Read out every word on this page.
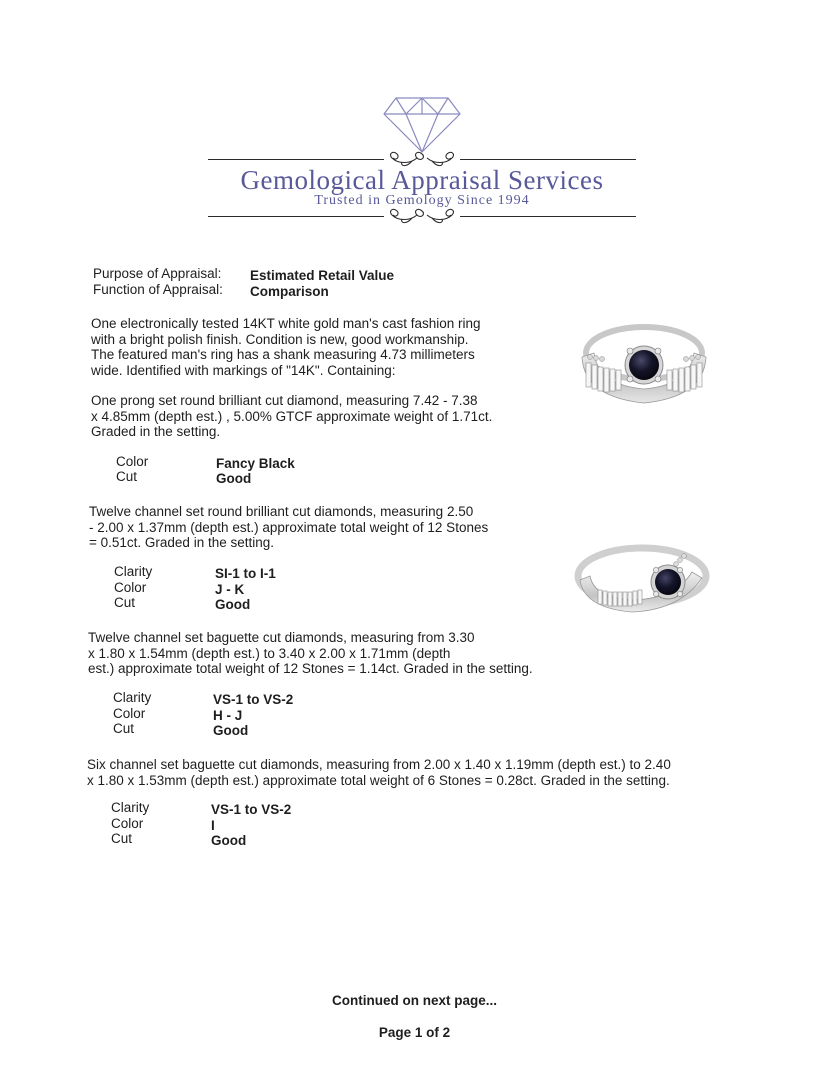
Gemological Appraisal Services
Trusted in Gemology Since 1994
Purpose of Appraisal: Estimated Retail Value
Function of Appraisal: Comparison
One electronically tested 14KT white gold man's cast fashion ring
with a bright polish finish. Condition is new, good workmanship.
The featured man's ring has a shank measuring 4.73 millimeters
wide. Identified with markings of "14K". Containing:
One prong set round brilliant cut diamond, measuring 7.42 - 7.38
x 4.85mm (depth est.) , 5.00% GTCF approximate weight of 1.71ct.
Graded in the setting.
Color	Fancy Black
Cut	Good
Twelve channel set round brilliant cut diamonds, measuring 2.50
- 2.00 x 1.37mm (depth est.) approximate total weight of 12 Stones
= 0.51ct. Graded in the setting.
Clarity	SI-1 to I-1
Color	J - K
Cut	Good
Twelve channel set baguette cut diamonds, measuring from 3.30
x 1.80 x 1.54mm (depth est.) to 3.40 x 2.00 x 1.71mm (depth
est.) approximate total weight of 12 Stones = 1.14ct. Graded in the setting.
Clarity	VS-1 to VS-2
Color	H - J
Cut	Good
Six channel set baguette cut diamonds, measuring from 2.00 x 1.40 x 1.19mm (depth est.) to 2.40
x 1.80 x 1.53mm (depth est.) approximate total weight of 6 Stones = 0.28ct. Graded in the setting.
Clarity	VS-1 to VS-2
Color	I
Cut	Good
Continued on next page...
Page 1 of 2
